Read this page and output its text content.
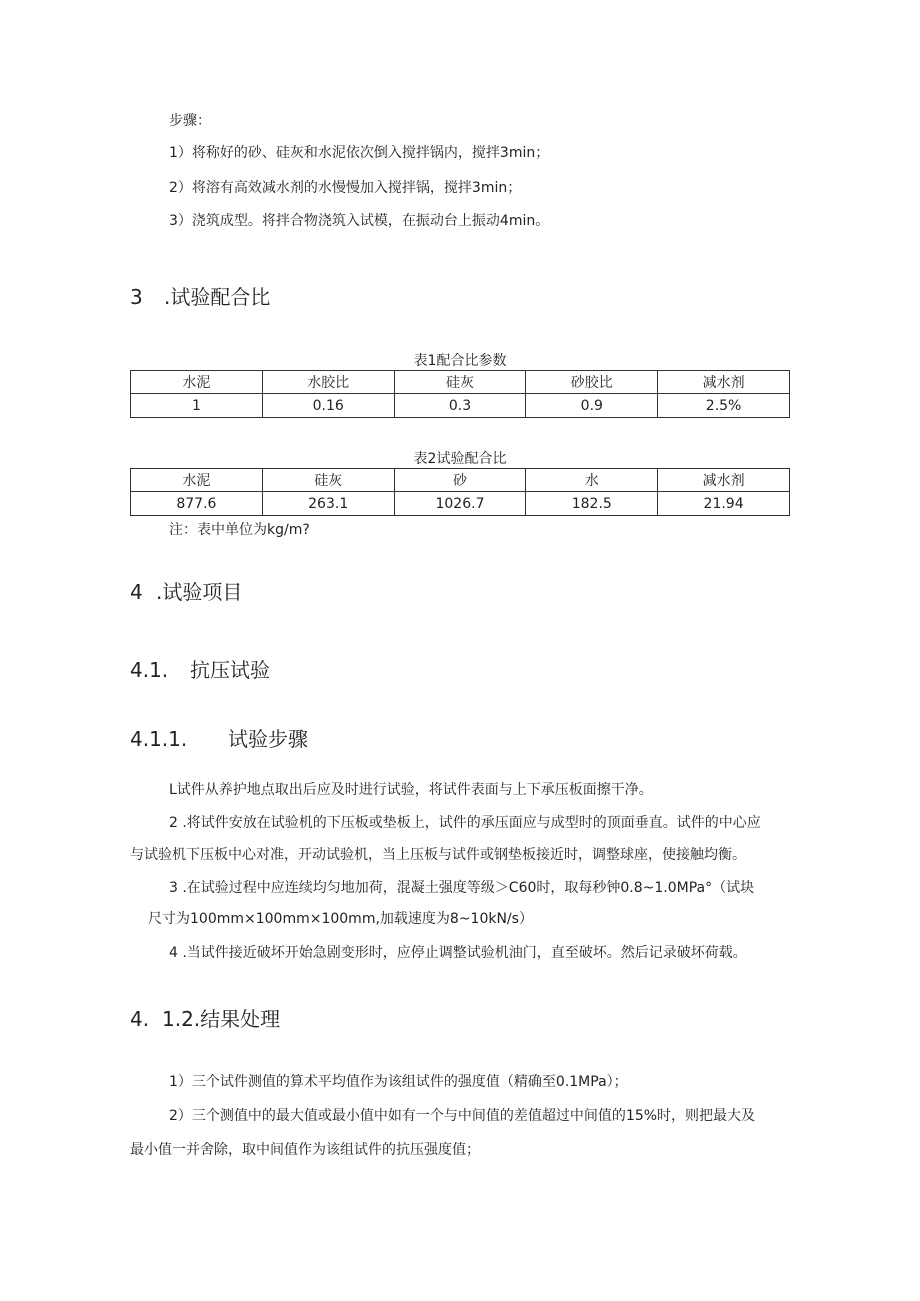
步骤：
1）将称好的砂、硅灰和水泥依次倒入搅拌锅内，搅拌3min；
2）将溶有高效减水剂的水慢慢加入搅拌锅，搅拌3min；
3）浇筑成型。将拌合物浇筑入试模，在振动台上振动4min。
3 .试验配合比
表1配合比参数
水泥	水胶比	硅灰	砂胶比	减水剂
1	0.16	0.3	0.9	2.5%
表2试验配合比
水泥	硅灰	砂	水	减水剂
877.6	263.1	1026.7	182.5	21.94
注：表中单位为kg∕m?
4 .试验项目
4.1. 抗压试验
4.1.1. 试验步骤
L试件从养护地点取出后应及时进行试验，将试件表面与上下承压板面擦干净。
2 .将试件安放在试验机的下压板或垫板上，试件的承压面应与成型时的顶面垂直。试件的中心应
与试验机下压板中心对准，开动试验机，当上压板与试件或钢垫板接近时，调整球座，使接触均衡。
3 .在试验过程中应连续均匀地加荷，混凝土强度等级＞C60时，取每秒钟0.8~1.0MPa°（试块
尺寸为100mm×100mm×100mm,加载速度为8~10kN∕s）
4 .当试件接近破坏开始急剧变形时，应停止调整试验机油门，直至破坏。然后记录破坏荷载。
4. 1.2.结果处理
1）三个试件测值的算术平均值作为该组试件的强度值（精确至0.1MPa）；
2）三个测值中的最大值或最小值中如有一个与中间值的差值超过中间值的15%时，则把最大及
最小值一并舍除，取中间值作为该组试件的抗压强度值；
